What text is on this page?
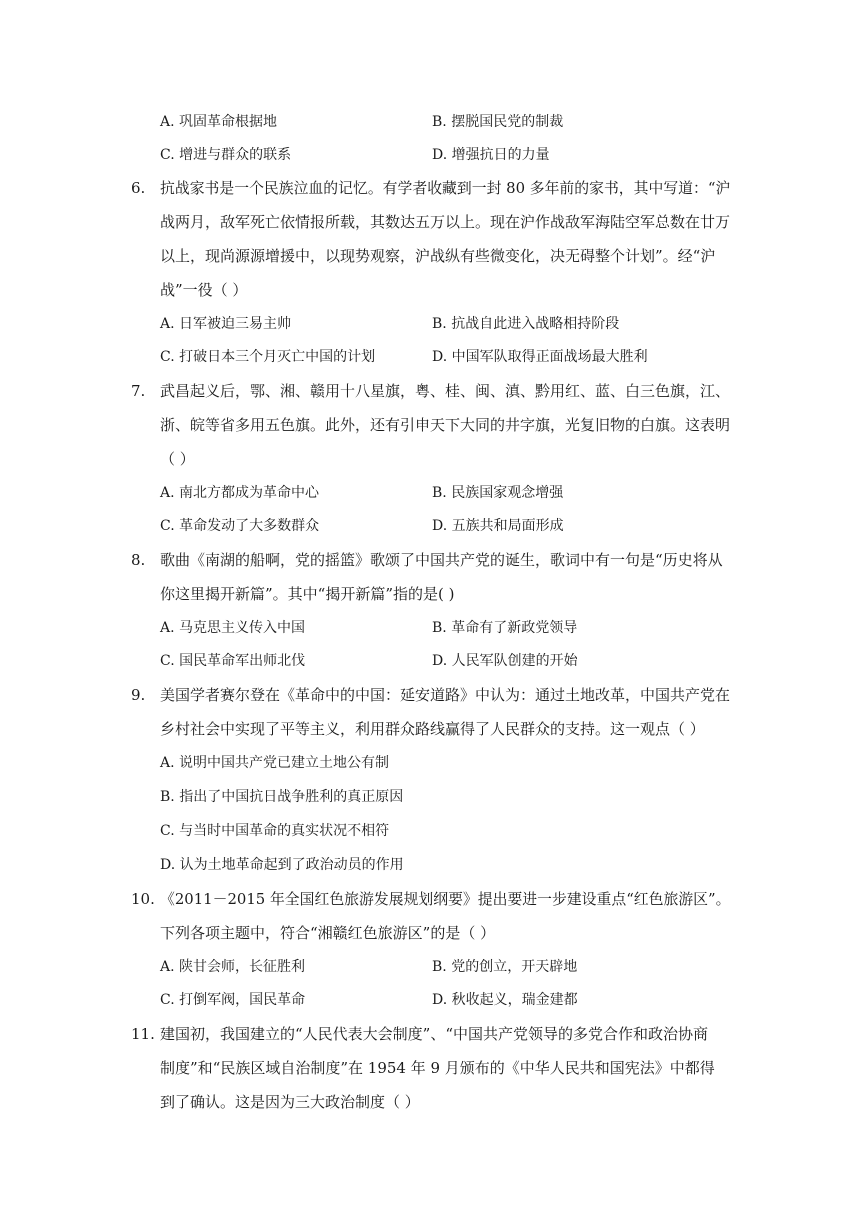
A. 巩固革命根据地	B. 摆脱国民党的制裁
C. 增进与群众的联系	D. 增强抗日的力量
6. 抗战家书是一个民族泣血的记忆。有学者收藏到一封 80 多年前的家书，其中写道：“沪
战两月，敌军死亡依情报所载，其数达五万以上。现在沪作战敌军海陆空军总数在廿万
以上，现尚源源增援中，以现势观察，沪战纵有些微变化，决无碍整个计划”。经“沪
战”一役（ ）
A. 日军被迫三易主帅	B. 抗战自此进入战略相持阶段
C. 打破日本三个月灭亡中国的计划	D. 中国军队取得正面战场最大胜利
7. 武昌起义后，鄂、湘、赣用十八星旗，粤、桂、闽、滇、黔用红、蓝、白三色旗，江、
浙、皖等省多用五色旗。此外，还有引申天下大同的井字旗，光复旧物的白旗。这表明
（ ）
A. 南北方都成为革命中心	B. 民族国家观念增强
C. 革命发动了大多数群众	D. 五族共和局面形成
8. 歌曲《南湖的船啊，党的摇篮》歌颂了中国共产党的诞生，歌词中有一句是“历史将从
你这里揭开新篇”。其中“揭开新篇”指的是( )
A. 马克思主义传入中国	B. 革命有了新政党领导
C. 国民革命军出师北伐	D. 人民军队创建的开始
9. 美国学者赛尔登在《革命中的中国：延安道路》中认为：通过土地改革，中国共产党在
乡村社会中实现了平等主义，利用群众路线赢得了人民群众的支持。这一观点（ ）
A. 说明中国共产党已建立土地公有制
B. 指出了中国抗日战争胜利的真正原因
C. 与当时中国革命的真实状况不相符
D. 认为土地革命起到了政治动员的作用
10. 《2011－2015 年全国红色旅游发展规划纲要》提出要进一步建设重点“红色旅游区”。
下列各项主题中，符合“湘赣红色旅游区”的是（ ）
A. 陕甘会师，长征胜利	B. 党的创立，开天辟地
C. 打倒军阀，国民革命	D. 秋收起义，瑞金建都
11. 建国初，我国建立的“人民代表大会制度”、“中国共产党领导的多党合作和政治协商
制度”和“民族区域自治制度”在 1954 年 9 月颁布的《中华人民共和国宪法》中都得
到了确认。这是因为三大政治制度（ ）
